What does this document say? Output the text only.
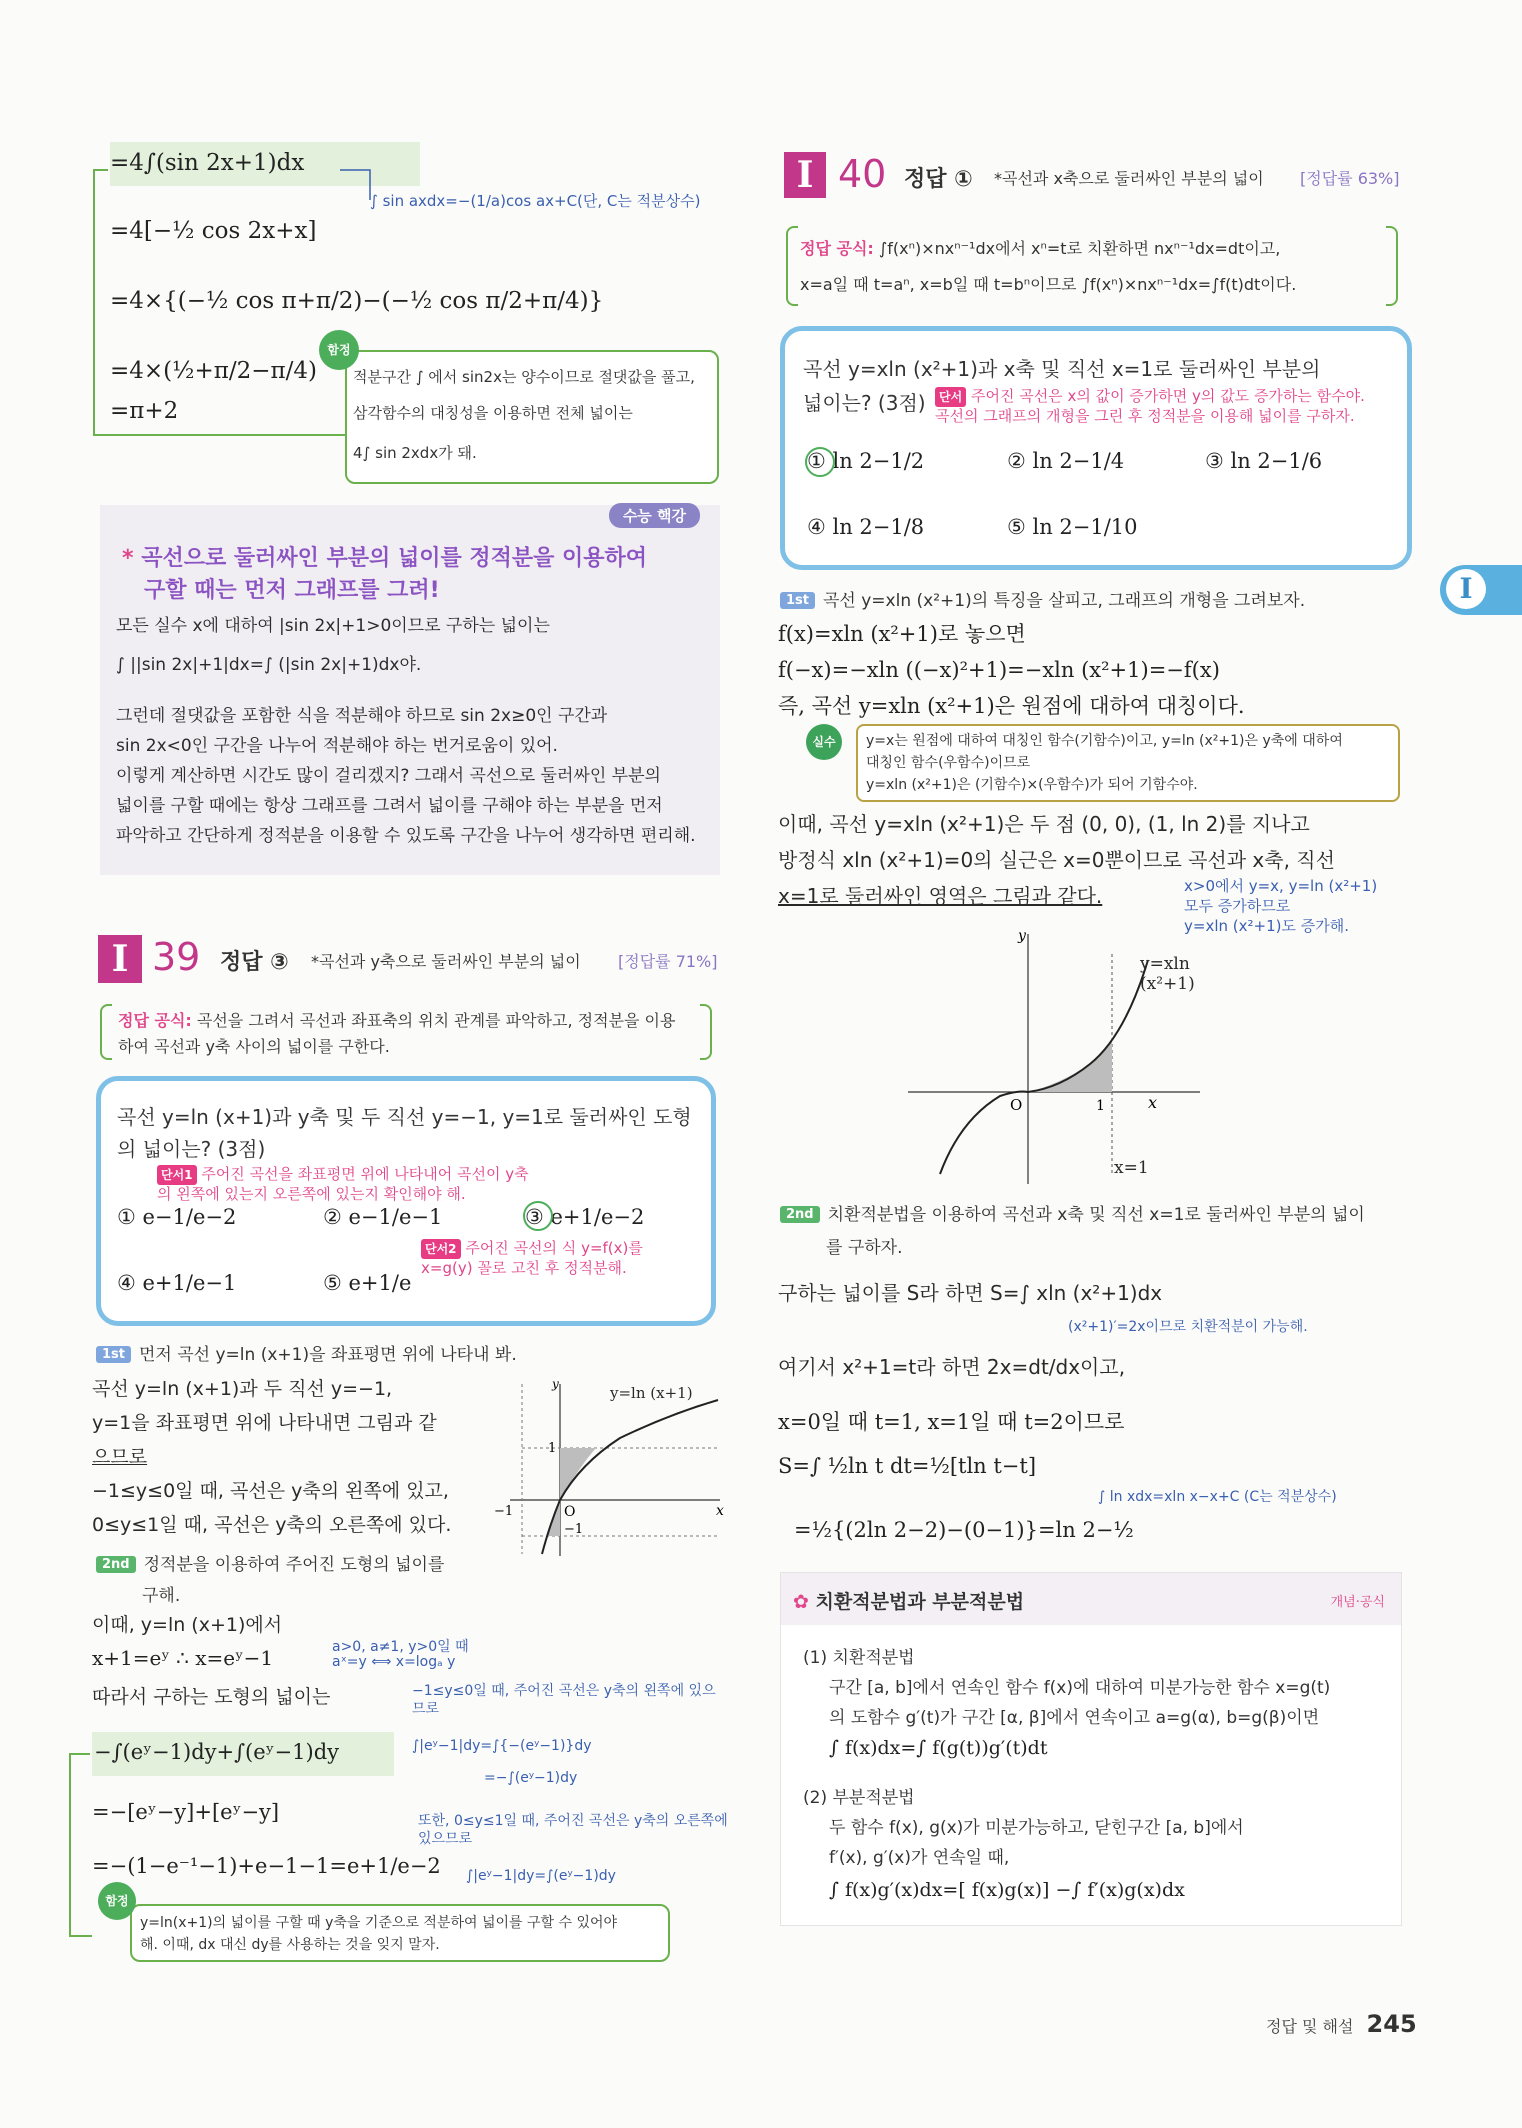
=4∫(sin 2x+1)dx
=4[−½ cos 2x+x]
=4×{(−½ cos π+π/2)−(−½ cos π/2+π/4)}
=4×(½+π/2−π/4)
=π+2
∫ sin axdx=−(1/a)cos ax+C(단, C는 적분상수)
함정
적분구간 ∫ 에서 sin2x는 양수이므로 절댓값을 풀고,
삼각함수의 대칭성을 이용하면 전체 넓이는
4∫ sin 2xdx가 돼.
수능 핵강
* 곡선으로 둘러싸인 부분의 넓이를 정적분을 이용하여
구할 때는 먼저 그래프를 그려!
모든 실수 x에 대하여 |sin 2x|+1>0이므로 구하는 넓이는
∫ ||sin 2x|+1|dx=∫ (|sin 2x|+1)dx야.
그런데 절댓값을 포함한 식을 적분해야 하므로 sin 2x≥0인 구간과
sin 2x<0인 구간을 나누어 적분해야 하는 번거로움이 있어.
이렇게 계산하면 시간도 많이 걸리겠지? 그래서 곡선으로 둘러싸인 부분의
넓이를 구할 때에는 항상 그래프를 그려서 넓이를 구해야 하는 부분을 먼저
파악하고 간단하게 정적분을 이용할 수 있도록 구간을 나누어 생각하면 편리해.
I 39 정답 ③ *곡선과 y축으로 둘러싸인 부분의 넓이 [정답률 71%]
정답 공식: 곡선을 그려서 곡선과 좌표축의 위치 관계를 파악하고, 정적분을 이용
하여 곡선과 y축 사이의 넓이를 구한다.
곡선 y=ln (x+1)과 y축 및 두 직선 y=−1, y=1로 둘러싸인 도형
의 넓이는? (3점)
단서1 주어진 곡선을 좌표평면 위에 나타내어 곡선이 y축의 왼쪽에 있는지 오른쪽에 있는지 확인해야 해.
① e−1/e−2	② e−1/e−1	③ e+1/e−2
단서2 주어진 곡선의 식 y=f(x)를 x=g(y) 꼴로 고친 후 정적분해.
④ e+1/e−1	⑤ e+1/e
1st 먼저 곡선 y=ln (x+1)을 좌표평면 위에 나타내 봐.
곡선 y=ln (x+1)과 두 직선 y=−1,
y=1을 좌표평면 위에 나타내면 그림과 같
으므로
−1≤y≤0일 때, 곡선은 y축의 왼쪽에 있고,
0≤y≤1일 때, 곡선은 y축의 오른쪽에 있다.
y
x
O
1
−1
−1
y=ln (x+1)
2nd 정적분을 이용하여 주어진 도형의 넓이를
구해.
이때, y=ln (x+1)에서
x+1=eʸ ∴ x=eʸ−1	a>0, a≠1, y>0일 때
aˣ=y ⟺ x=logₐ y
따라서 구하는 도형의 넓이는	−1≤y≤0일 때, 주어진 곡선은 y축의 왼쪽에 있으므로
−∫(eʸ−1)dy+∫(eʸ−1)dy	∫|eʸ−1|dy=∫{−(eʸ−1)}dy
=−∫(eʸ−1)dy
=−[eʸ−y]+[eʸ−y]	또한, 0≤y≤1일 때, 주어진 곡선은 y축의 오른쪽에 있으므로
=−(1−e⁻¹−1)+e−1−1=e+1/e−2 ∫|eʸ−1|dy=∫(eʸ−1)dy
함정
y=ln(x+1)의 넓이를 구할 때 y축을 기준으로 적분하여 넓이를 구할 수 있어야
해. 이때, dx 대신 dy를 사용하는 것을 잊지 말자.
I 40 정답 ① *곡선과 x축으로 둘러싸인 부분의 넓이 [정답률 63%]
정답 공식: ∫f(xⁿ)×nxⁿ⁻¹dx에서 xⁿ=t로 치환하면 nxⁿ⁻¹dx=dt이고,
x=a일 때 t=aⁿ, x=b일 때 t=bⁿ이므로 ∫f(xⁿ)×nxⁿ⁻¹dx=∫f(t)dt이다.
곡선 y=xln (x²+1)과 x축 및 직선 x=1로 둘러싸인 부분의
넓이는? (3점)	단서 주어진 곡선은 x의 값이 증가하면 y의 값도 증가하는 함수야. 곡선의 그래프의 개형을 그린 후 정적분을 이용해 넓이를 구하자.
① ln 2−1/2	② ln 2−1/4	③ ln 2−1/6
④ ln 2−1/8	⑤ ln 2−1/10
1st 곡선 y=xln (x²+1)의 특징을 살피고, 그래프의 개형을 그려보자.
f(x)=xln (x²+1)로 놓으면
f(−x)=−xln ((−x)²+1)=−xln (x²+1)=−f(x)
즉, 곡선 y=xln (x²+1)은 원점에 대하여 대칭이다.
실수	y=x는 원점에 대하여 대칭인 함수(기함수)이고, y=ln (x²+1)은 y축에 대하여
대칭인 함수(우함수)이므로
y=xln (x²+1)은 (기함수)×(우함수)가 되어 기함수야.
이때, 곡선 y=xln (x²+1)은 두 점 (0, 0), (1, ln 2)를 지나고
방정식 xln (x²+1)=0의 실근은 x=0뿐이므로 곡선과 x축, 직선
x=1로 둘러싸인 영역은 그림과 같다.	x>0에서 y=x, y=ln (x²+1)
모두 증가하므로
y=xln (x²+1)도 증가해.
y
x
O	1
y=xln (x²+1)
x=1
2nd 치환적분법을 이용하여 곡선과 x축 및 직선 x=1로 둘러싸인 부분의 넓이
를 구하자.
구하는 넓이를 S라 하면 S=∫ xln (x²+1)dx
(x²+1)′=2x이므로 치환적분이 가능해.
여기서 x²+1=t라 하면 2x=dt/dx이고,
x=0일 때 t=1, x=1일 때 t=2이므로
S=∫ ½ln t dt=½[tln t−t]
∫ ln xdx=xln x−x+C (C는 적분상수)
=½{(2ln 2−2)−(0−1)}=ln 2−½
✿ 치환적분법과 부분적분법	개념·공식
(1) 치환적분법
구간 [a, b]에서 연속인 함수 f(x)에 대하여 미분가능한 함수 x=g(t)
의 도함수 g′(t)가 구간 [α, β]에서 연속이고 a=g(α), b=g(β)이면
∫ f(x)dx=∫ f(g(t))g′(t)dt
(2) 부분적분법
두 함수 f(x), g(x)가 미분가능하고, 닫힌구간 [a, b]에서
f′(x), g′(x)가 연속일 때,
∫ f(x)g′(x)dx=[ f(x)g(x)] −∫ f′(x)g(x)dx
I
정답 및 해설 245
